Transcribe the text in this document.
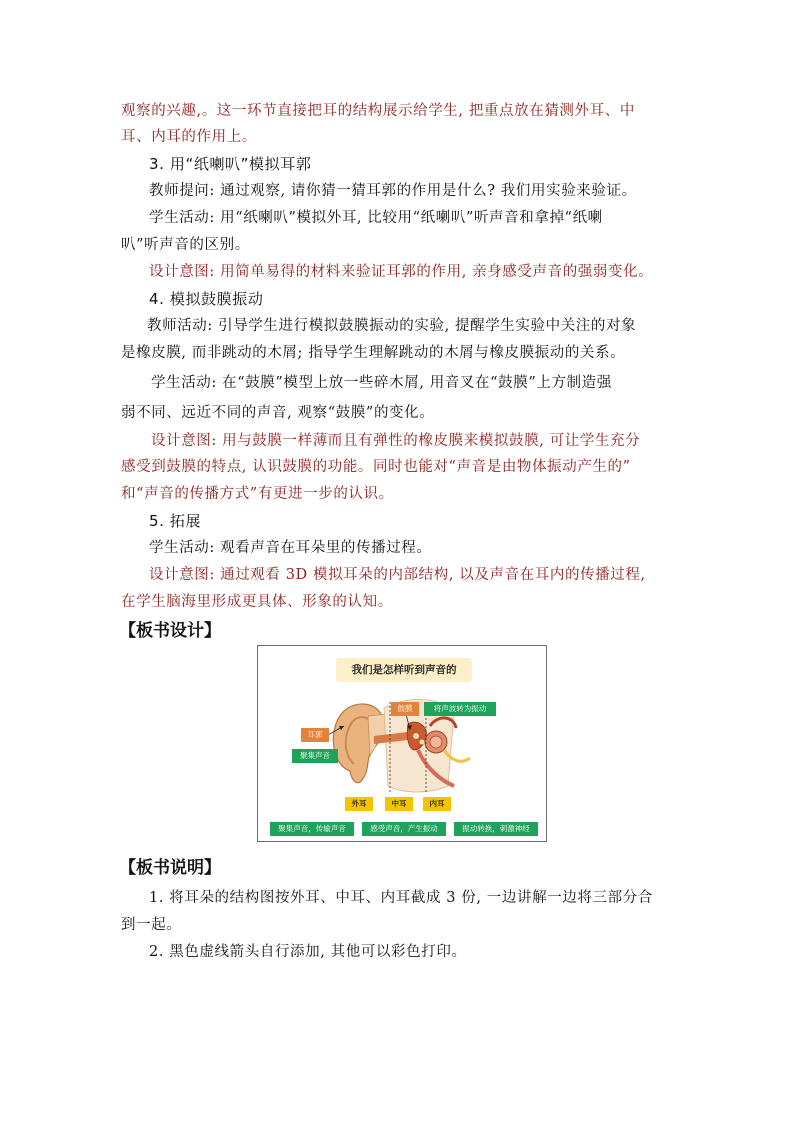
观察的兴趣,。这一环节直接把耳的结构展示给学生, 把重点放在猜测外耳、中
耳、内耳的作用上。
3. 用“纸喇叭”模拟耳郭
教师提问: 通过观察, 请你猜一猜耳郭的作用是什么? 我们用实验来验证。
学生活动: 用“纸喇叭”模拟外耳, 比较用“纸喇叭”听声音和拿掉“纸喇
叭”听声音的区别。
设计意图: 用简单易得的材料来验证耳郭的作用, 亲身感受声音的强弱变化。
4. 模拟鼓膜振动
教师活动: 引导学生进行模拟鼓膜振动的实验, 提醒学生实验中关注的对象
是橡皮膜, 而非跳动的木屑; 指导学生理解跳动的木屑与橡皮膜振动的关系。
学生活动: 在“鼓膜”模型上放一些碎木屑, 用音叉在“鼓膜”上方制造强
弱不同、远近不同的声音, 观察“鼓膜”的变化。
设计意图: 用与鼓膜一样薄而且有弹性的橡皮膜来模拟鼓膜, 可让学生充分
感受到鼓膜的特点, 认识鼓膜的功能。同时也能对“声音是由物体振动产生的”
和“声音的传播方式”有更进一步的认识。
5. 拓展
学生活动: 观看声音在耳朵里的传播过程。
设计意图: 通过观看 3D 模拟耳朵的内部结构, 以及声音在耳内的传播过程,
在学生脑海里形成更具体、形象的认知。
【板书设计】
我们是怎样听到声音的
耳郭
聚集声音
鼓膜	将声波转为振动
外耳	中耳	内耳
聚集声音，传输声音	感受声音，产生振动	振动转换，刺激神经
【板书说明】
1. 将耳朵的结构图按外耳、中耳、内耳截成 3 份, 一边讲解一边将三部分合
到一起。
2. 黑色虚线箭头自行添加, 其他可以彩色打印。
